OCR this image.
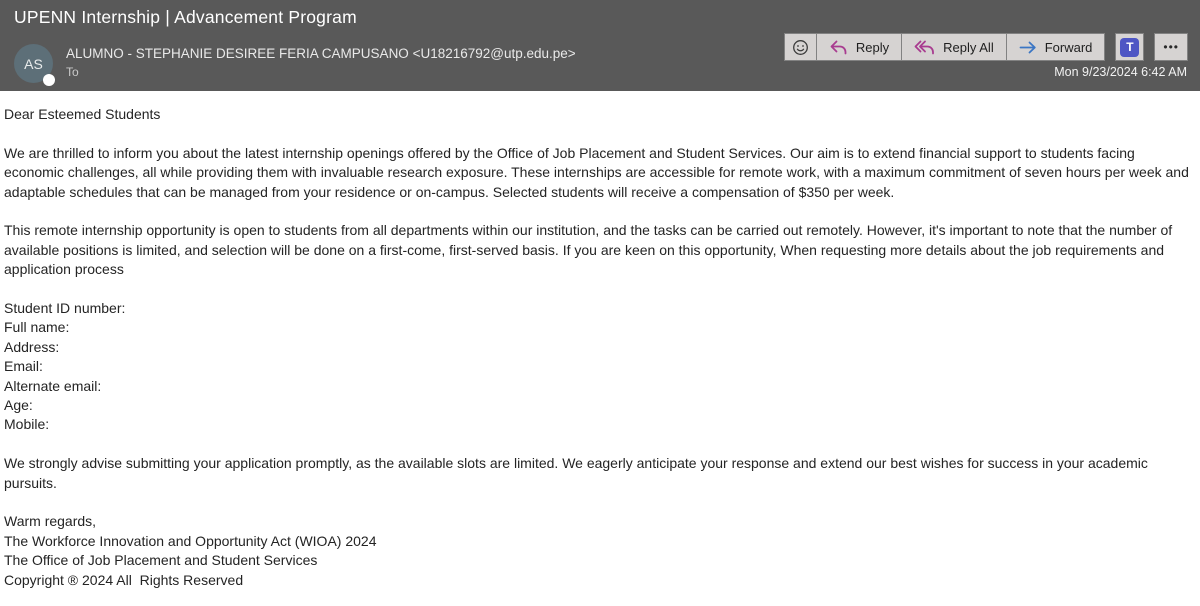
UPENN Internship | Advancement Program
AS
ALUMNO - STEPHANIE DESIREE FERIA CAMPUSANO <U18216792@utp.edu.pe>
To
Reply	Reply All	Forward	T	•••
Mon 9/23/2024 6:42 AM
Dear Esteemed Students
We are thrilled to inform you about the latest internship openings offered by the Office of Job Placement and Student Services. Our aim is to extend financial support to students facing economic challenges, all while providing them with invaluable research exposure. These internships are accessible for remote work, with a maximum commitment of seven hours per week and adaptable schedules that can be managed from your residence or on-campus. Selected students will receive a compensation of $350 per week.
This remote internship opportunity is open to students from all departments within our institution, and the tasks can be carried out remotely. However, it's important to note that the number of available positions is limited, and selection will be done on a first-come, first-served basis. If you are keen on this opportunity, When requesting more details about the job requirements and application process
Student ID number:
Full name:
Address:
Email:
Alternate email:
Age:
Mobile:
We strongly advise submitting your application promptly, as the available slots are limited. We eagerly anticipate your response and extend our best wishes for success in your academic pursuits.
Warm regards,
The Workforce Innovation and Opportunity Act (WIOA) 2024
The Office of Job Placement and Student Services
Copyright ® 2024 All  Rights Reserved
